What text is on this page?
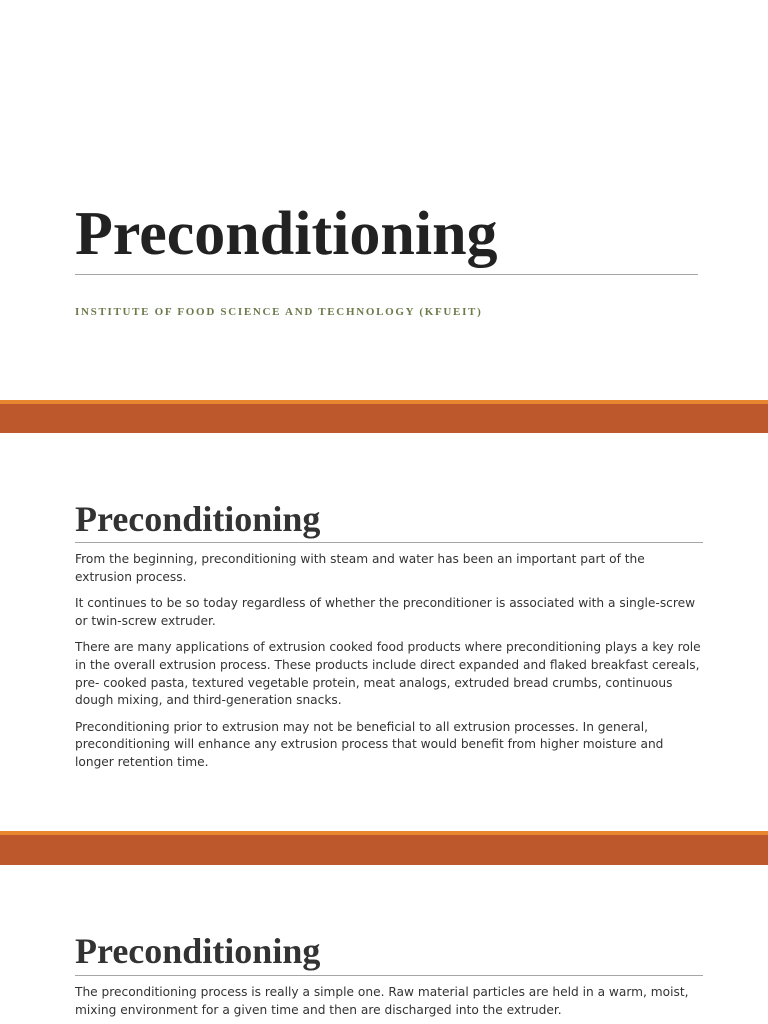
Preconditioning
INSTITUTE OF FOOD SCIENCE AND TECHNOLOGY (KFUEIT)
Preconditioning

From the beginning, preconditioning with steam and water has been an important part of the extrusion process.

It continues to be so today regardless of whether the preconditioner is associated with a single-screw or twin-screw extruder.

There are many applications of extrusion cooked food products where preconditioning plays a key role in the overall extrusion process. These products include direct expanded and flaked breakfast cereals, pre- cooked pasta, textured vegetable protein, meat analogs, extruded bread crumbs, continuous dough mixing, and third-generation snacks.

Preconditioning prior to extrusion may not be beneficial to all extrusion processes. In general, preconditioning will enhance any extrusion process that would benefit from higher moisture and longer retention time.

Preconditioning

The preconditioning process is really a simple one. Raw material particles are held in a warm, moist, mixing environment for a given time and then are discharged into the extruder.
